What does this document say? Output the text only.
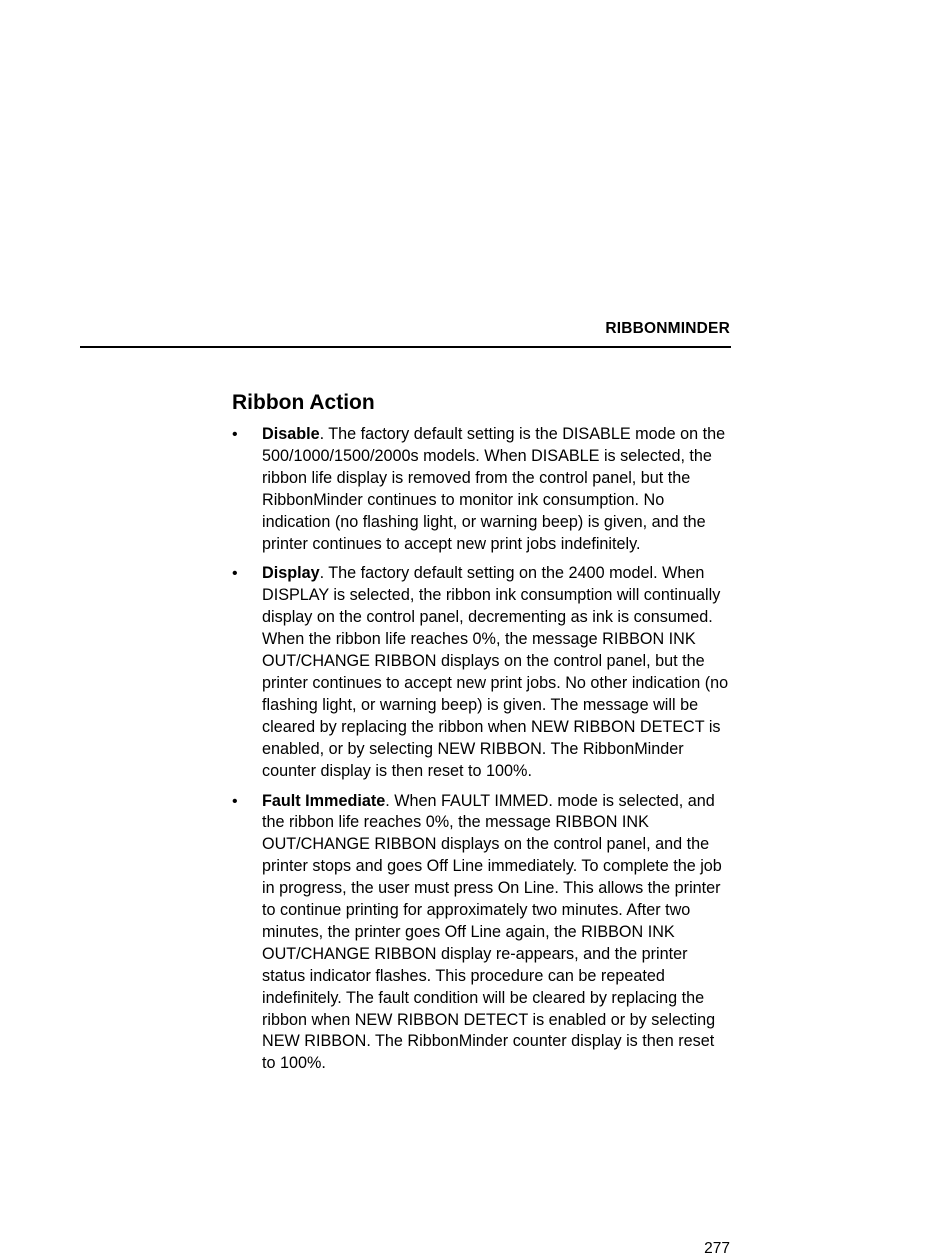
RIBBONMINDER
Ribbon Action
• Disable. The factory default setting is the DISABLE mode on the 500/1000/1500/2000s models. When DISABLE is selected, the ribbon life display is removed from the control panel, but the RibbonMinder continues to monitor ink consumption. No indication (no flashing light, or warning beep) is given, and the printer continues to accept new print jobs indefinitely.
• Display. The factory default setting on the 2400 model. When DISPLAY is selected, the ribbon ink consumption will continually display on the control panel, decrementing as ink is consumed. When the ribbon life reaches 0%, the message RIBBON INK OUT/CHANGE RIBBON displays on the control panel, but the printer continues to accept new print jobs. No other indication (no flashing light, or warning beep) is given. The message will be cleared by replacing the ribbon when NEW RIBBON DETECT is enabled, or by selecting NEW RIBBON. The RibbonMinder counter display is then reset to 100%.
• Fault Immediate. When FAULT IMMED. mode is selected, and the ribbon life reaches 0%, the message RIBBON INK OUT/CHANGE RIBBON displays on the control panel, and the printer stops and goes Off Line immediately. To complete the job in progress, the user must press On Line. This allows the printer to continue printing for approximately two minutes. After two minutes, the printer goes Off Line again, the RIBBON INK OUT/CHANGE RIBBON display re-appears, and the printer status indicator flashes. This procedure can be repeated indefinitely. The fault condition will be cleared by replacing the ribbon when NEW RIBBON DETECT is enabled or by selecting NEW RIBBON. The RibbonMinder counter display is then reset to 100%.
277
